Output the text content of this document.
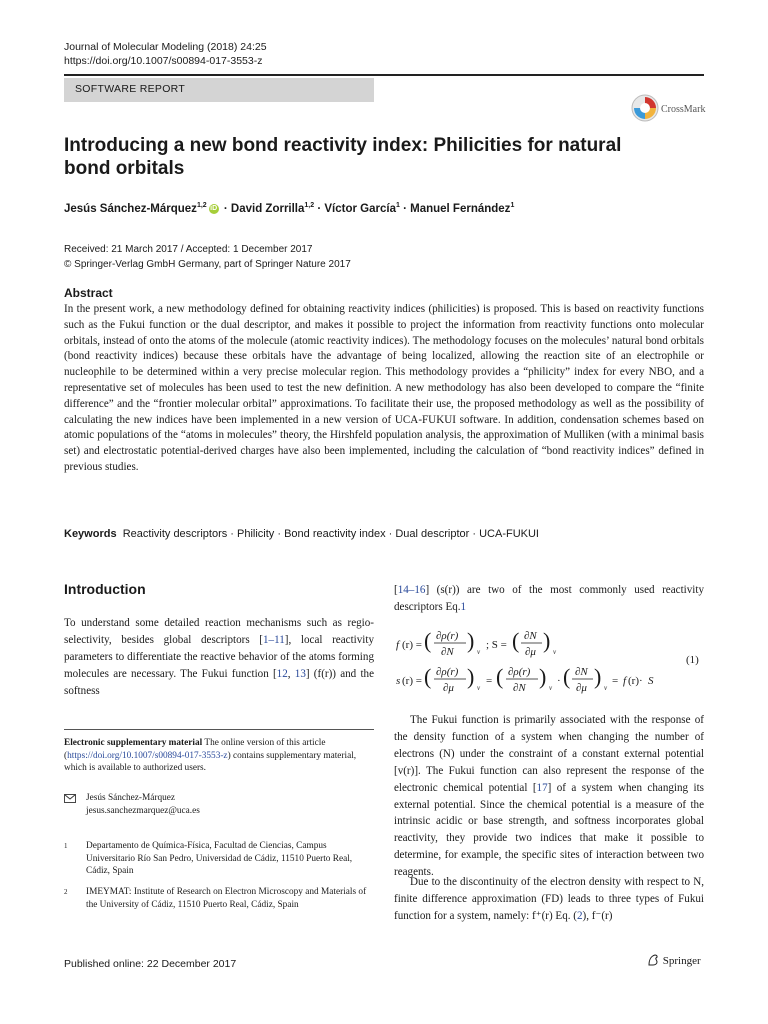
Journal of Molecular Modeling (2018) 24:25
https://doi.org/10.1007/s00894-017-3553-z
SOFTWARE REPORT
CrossMark
Introducing a new bond reactivity index: Philicities for natural bond orbitals
Jesús Sánchez-Márquez$^{1,2}$ iD · David Zorrilla$^{1,2}$ · Víctor García$^1$ · Manuel Fernández$^1$
Received: 21 March 2017 / Accepted: 1 December 2017
© Springer-Verlag GmbH Germany, part of Springer Nature 2017
Abstract
In the present work, a new methodology defined for obtaining reactivity indices (philicities) is proposed. This is based on reactivity functions such as the Fukui function or the dual descriptor, and makes it possible to project the information from reactivity functions onto molecular orbitals, instead of onto the atoms of the molecule (atomic reactivity indices). The methodology focuses on the molecules’ natural bond orbitals (bond reactivity indices) because these orbitals have the advantage of being localized, allowing the reaction site of an electrophile or nucleophile to be determined within a very precise molecular region. This methodology provides a “philicity” index for every NBO, and a representative set of molecules has been used to test the new definition. A new methodology has also been developed to compare the “finite difference” and the “frontier molecular orbital” approximations. To facilitate their use, the proposed methodology as well as the possibility of calculating the new indices have been implemented in a new version of UCA-FUKUI software. In addition, condensation schemes based on atomic populations of the “atoms in molecules” theory, the Hirshfeld population analysis, the approximation of Mulliken (with a minimal basis set) and electrostatic potential-derived charges have also been implemented, including the calculation of “bond reactivity indices” defined in previous studies.
Keywords Reactivity descriptors · Philicity · Bond reactivity index · Dual descriptor · UCA-FUKUI
Introduction
To understand some detailed reaction mechanisms such as regio-selectivity, besides global descriptors [1–11], local reactivity parameters to differentiate the reactive behavior of the atoms forming molecules are necessary. The Fukui function [12, 13] (f(r)) and the softness
Electronic supplementary material The online version of this article (https://doi.org/10.1007/s00894-017-3553-z) contains supplementary material, which is available to authorized users.
Jesús Sánchez-Márquez
jesus.sanchezmarquez@uca.es
1 Departamento de Química-Física, Facultad de Ciencias, Campus Universitario Río San Pedro, Universidad de Cádiz, 11510 Puerto Real, Cádiz, Spain
2 IMEYMAT: Institute of Research on Electron Microscopy and Materials of the University of Cádiz, 11510 Puerto Real, Cádiz, Spain
[14–16] (s(r)) are two of the most commonly used reactivity descriptors Eq.1
f (r) = ( ∂ρ(r)
∂N ) ν
; S = ( ∂N
∂μ ) ν
s (r) = ( ∂ρ(r)
∂μ ) ν
= ( ∂ρ(r)
∂N ) ν
· ( ∂N
∂μ ) ν
= f (r)· S
(1)
The Fukui function is primarily associated with the response of the density function of a system when changing the number of electrons (N) under the constraint of a constant external potential [v(r)]. The Fukui function can also represent the response of the electronic chemical potential [17] of a system when changing its external potential. Since the chemical potential is a measure of the intrinsic acidic or base strength, and softness incorporates global reactivity, they provide two indices that make it possible to determine, for example, the specific sites of interaction between two reagents.
Due to the discontinuity of the electron density with respect to N, finite difference approximation (FD) leads to three types of Fukui function for a system, namely: f⁺(r) Eq. (2), f⁻(r)
Published online: 22 December 2017	Springer
